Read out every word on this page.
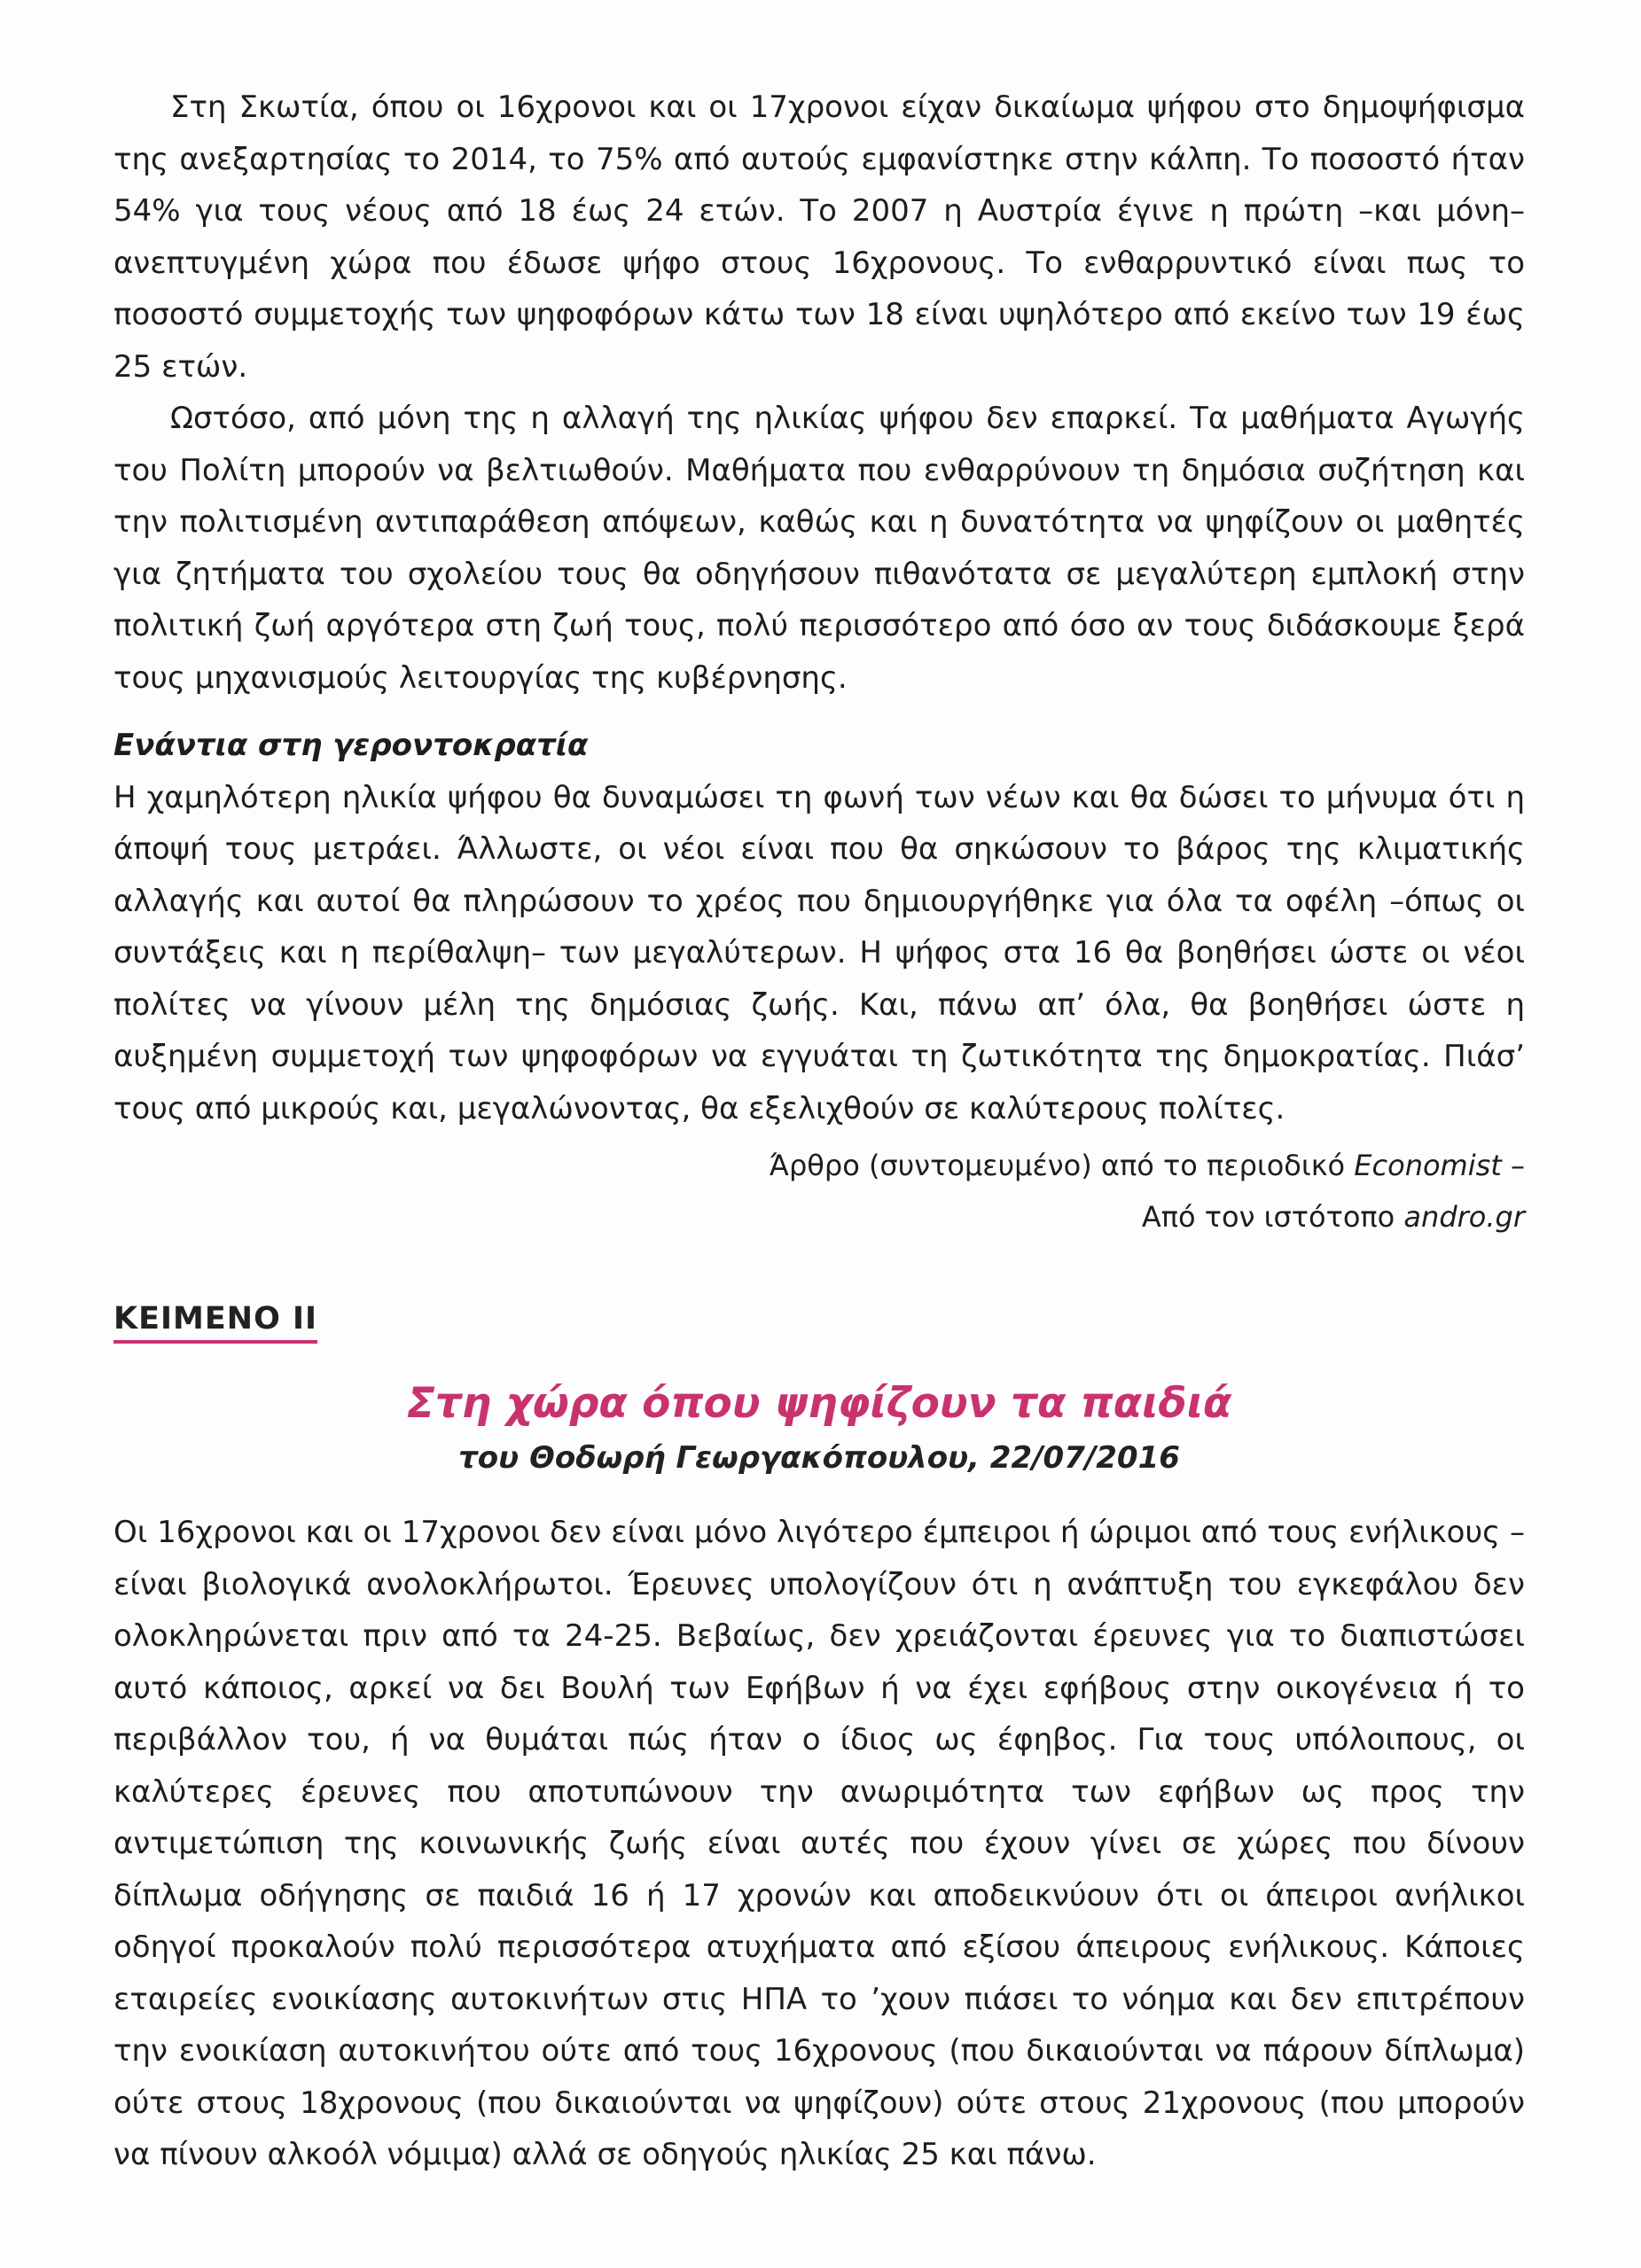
Στη Σκωτία, όπου οι 16χρονοι και οι 17χρονοι είχαν δικαίωμα ψήφου στο δημοψήφισμα της ανεξαρτησίας το 2014, το 75% από αυτούς εμφανίστηκε στην κάλπη. Το ποσοστό ήταν 54% για τους νέους από 18 έως 24 ετών. Το 2007 η Αυστρία έγινε η πρώτη –και μόνη– ανεπτυγμένη χώρα που έδωσε ψήφο στους 16χρονους. Το ενθαρρυντικό είναι πως το ποσοστό συμμετοχής των ψηφοφόρων κάτω των 18 είναι υψηλότερο από εκείνο των 19 έως 25 ετών.

Ωστόσο, από μόνη της η αλλαγή της ηλικίας ψήφου δεν επαρκεί. Τα μαθήματα Αγωγής του Πολίτη μπορούν να βελτιωθούν. Μαθήματα που ενθαρρύνουν τη δημόσια συζήτηση και την πολιτισμένη αντιπαράθεση απόψεων, καθώς και η δυνατότητα να ψηφίζουν οι μαθητές για ζητήματα του σχολείου τους θα οδηγήσουν πιθανότατα σε μεγαλύτερη εμπλοκή στην πολιτική ζωή αργότερα στη ζωή τους, πολύ περισσότερο από όσο αν τους διδάσκουμε ξερά τους μηχανισμούς λειτουργίας της κυβέρνησης.

Ενάντια στη γεροντοκρατία

Η χαμηλότερη ηλικία ψήφου θα δυναμώσει τη φωνή των νέων και θα δώσει το μήνυμα ότι η άποψή τους μετράει. Άλλωστε, οι νέοι είναι που θα σηκώσουν το βάρος της κλιματικής αλλαγής και αυτοί θα πληρώσουν το χρέος που δημιουργήθηκε για όλα τα οφέλη –όπως οι συντάξεις και η περίθαλψη– των μεγαλύτερων. Η ψήφος στα 16 θα βοηθήσει ώστε οι νέοι πολίτες να γίνουν μέλη της δημόσιας ζωής. Και, πάνω απ’ όλα, θα βοηθήσει ώστε η αυξημένη συμμετοχή των ψηφοφόρων να εγγυάται τη ζωτικότητα της δημοκρατίας. Πιάσ’ τους από μικρούς και, μεγαλώνοντας, θα εξελιχθούν σε καλύτερους πολίτες.

Άρθρο (συντομευμένο) από το περιοδικό Economist –
Από τον ιστότοπο andro.gr
ΚΕΙΜΕΝΟ ΙΙ
Στη χώρα όπου ψηφίζουν τα παιδιά
του Θοδωρή Γεωργακόπουλου, 22/07/2016

Οι 16χρονοι και οι 17χρονοι δεν είναι μόνο λιγότερο έμπειροι ή ώριμοι από τους ενήλικους – είναι βιολογικά ανολοκλήρωτοι. Έρευνες υπολογίζουν ότι η ανάπτυξη του εγκεφάλου δεν ολοκληρώνεται πριν από τα 24-25. Βεβαίως, δεν χρειάζονται έρευνες για το διαπιστώσει αυτό κάποιος, αρκεί να δει Βουλή των Εφήβων ή να έχει εφήβους στην οικογένεια ή το περιβάλλον του, ή να θυμάται πώς ήταν ο ίδιος ως έφηβος. Για τους υπόλοιπους, οι καλύτερες έρευνες που αποτυπώνουν την ανωριμότητα των εφήβων ως προς την αντιμετώπιση της κοινωνικής ζωής είναι αυτές που έχουν γίνει σε χώρες που δίνουν δίπλωμα οδήγησης σε παιδιά 16 ή 17 χρονών και αποδεικνύουν ότι οι άπειροι ανήλικοι οδηγοί προκαλούν πολύ περισσότερα ατυχήματα από εξίσου άπειρους ενήλικους. Κάποιες εταιρείες ενοικίασης αυτοκινήτων στις ΗΠΑ το ’χουν πιάσει το νόημα και δεν επιτρέπουν την ενοικίαση αυτοκινήτου ούτε από τους 16χρονους (που δικαιούνται να πάρουν δίπλωμα) ούτε στους 18χρονους (που δικαιούνται να ψηφίζουν) ούτε στους 21χρονους (που μπορούν να πίνουν αλκοόλ νόμιμα) αλλά σε οδηγούς ηλικίας 25 και πάνω.
